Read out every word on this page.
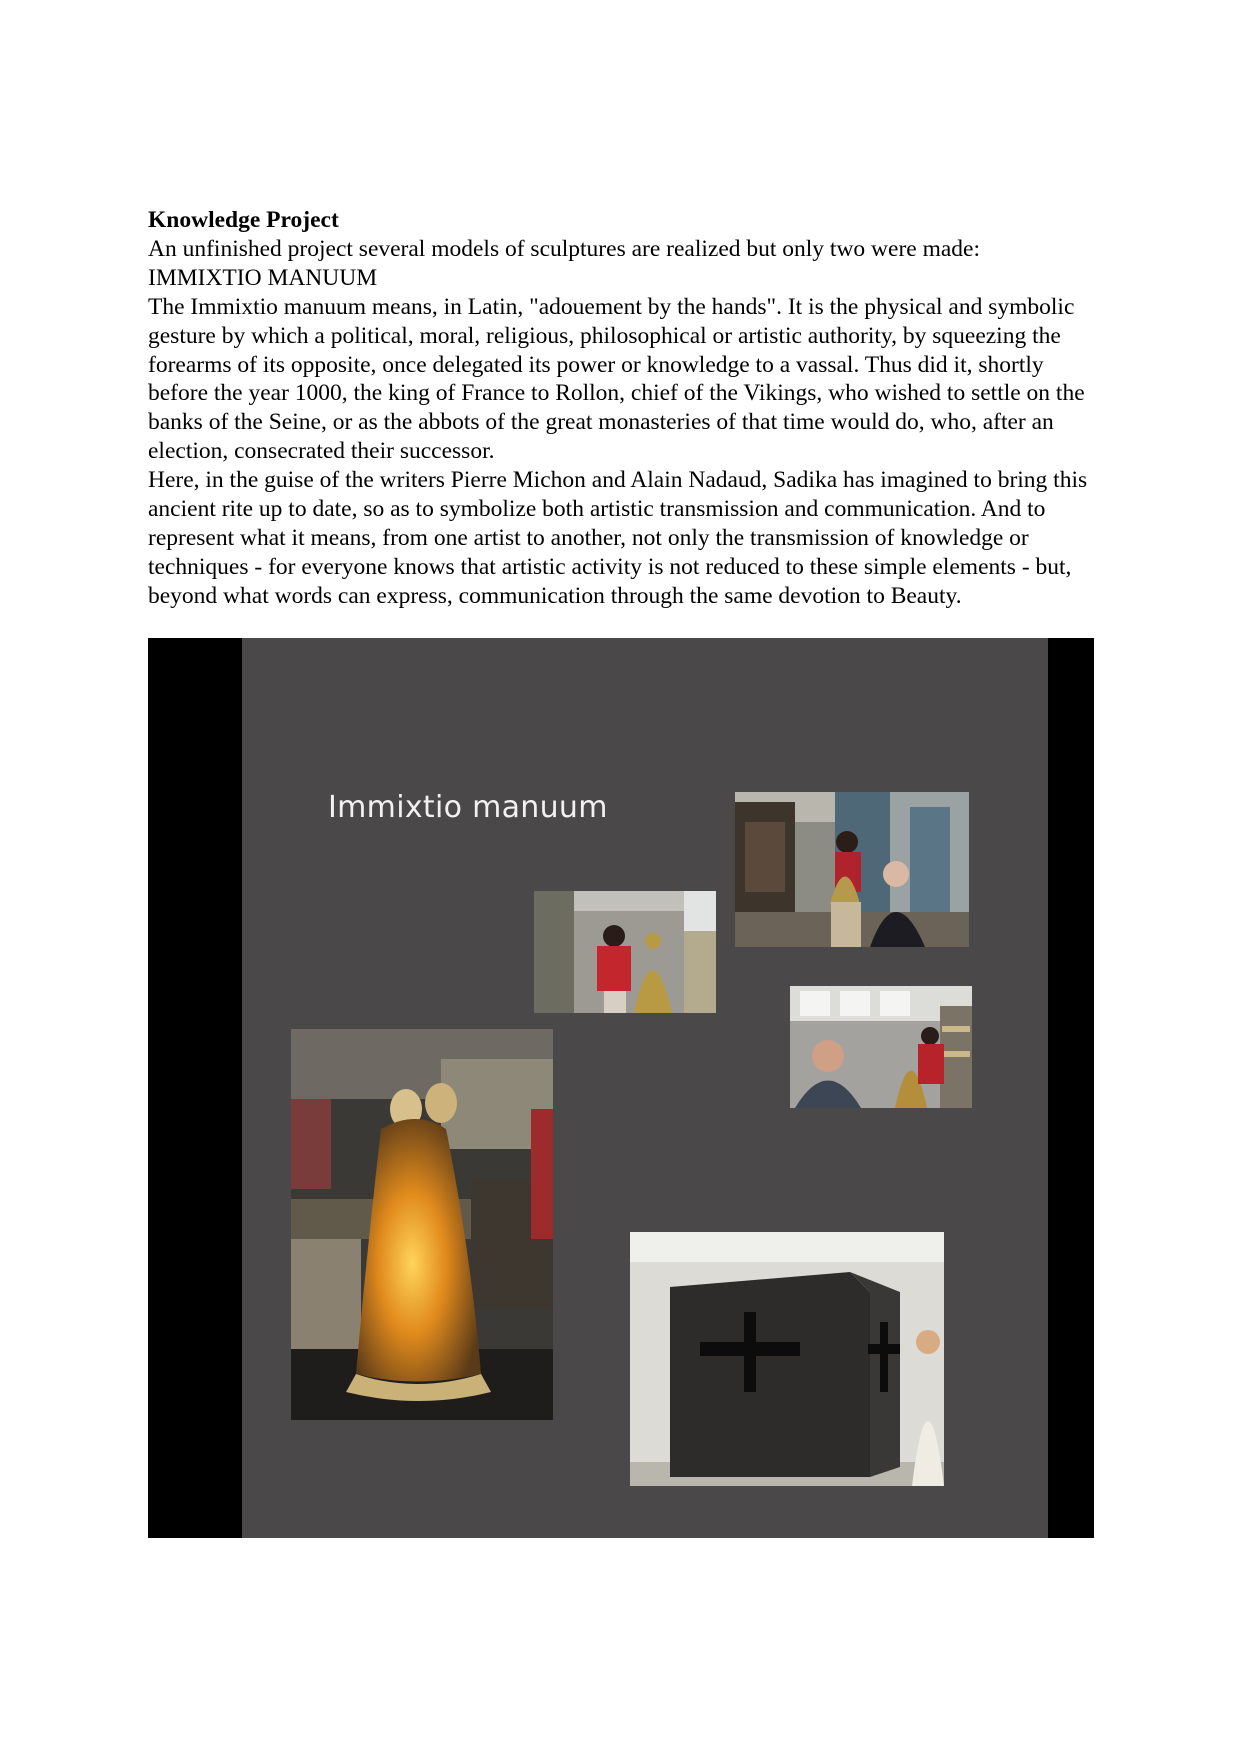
Knowledge Project

An unfinished project several models of sculptures are realized but only two were made:

IMMIXTIO MANUUM

The Immixtio manuum means, in Latin, "adouement by the hands". It is the physical and symbolic gesture by which a political, moral, religious, philosophical or artistic authority, by squeezing the forearms of its opposite, once delegated its power or knowledge to a vassal. Thus did it, shortly before the year 1000, the king of France to Rollon, chief of the Vikings, who wished to settle on the banks of the Seine, or as the abbots of the great monasteries of that time would do, who, after an election, consecrated their successor.

Here, in the guise of the writers Pierre Michon and Alain Nadaud, Sadika has imagined to bring this ancient rite up to date, so as to symbolize both artistic transmission and communication. And to represent what it means, from one artist to another, not only the transmission of knowledge or techniques - for everyone knows that artistic activity is not reduced to these simple elements - but, beyond what words can express, communication through the same devotion to Beauty.

Immixtio manuum
